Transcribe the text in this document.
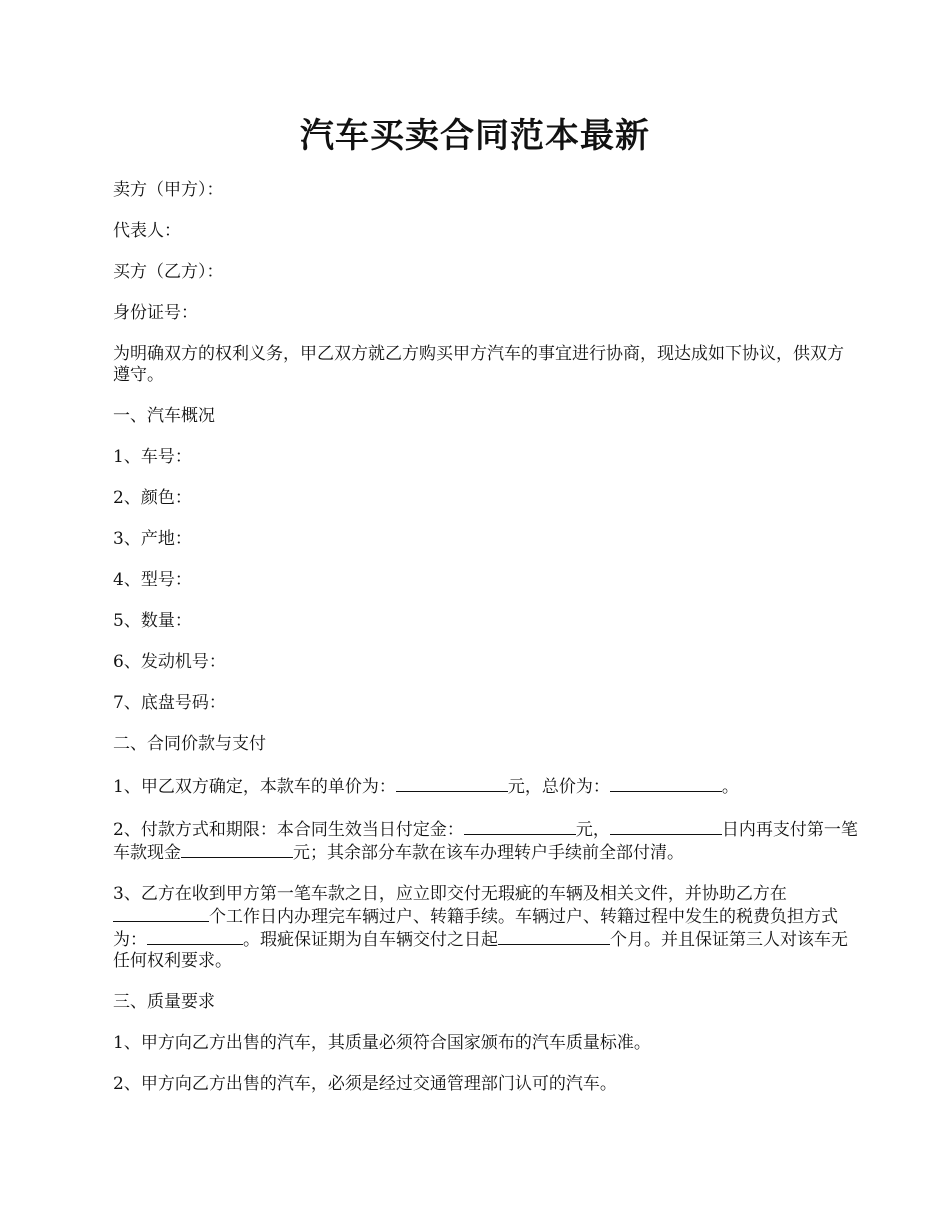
汽车买卖合同范本最新

卖方（甲方）：

代表人：

买方（乙方）：

身份证号：

为明确双方的权利义务，甲乙双方就乙方购买甲方汽车的事宜进行协商，现达成如下协议，供双方遵守。

一、汽车概况

1、车号：

2、颜色：

3、产地：

4、型号：

5、数量：

6、发动机号：

7、底盘号码：

二、合同价款与支付

1、甲乙双方确定，本款车的单价为：	元，总价为：	。

2、付款方式和期限：本合同生效当日付定金：	元，	日内再支付第一笔车款现金	元；其余部分车款在该车办理转户手续前全部付清。

3、乙方在收到甲方第一笔车款之日，应立即交付无瑕疵的车辆及相关文件，并协助乙方在个工作日内办理完车辆过户、转籍手续。车辆过户、转籍过程中发生的税费负担方式为：	。瑕疵保证期为自车辆交付之日起	个月。并且保证第三人对该车无任何权利要求。

三、质量要求

1、甲方向乙方出售的汽车，其质量必须符合国家颁布的汽车质量标准。

2、甲方向乙方出售的汽车，必须是经过交通管理部门认可的汽车。
